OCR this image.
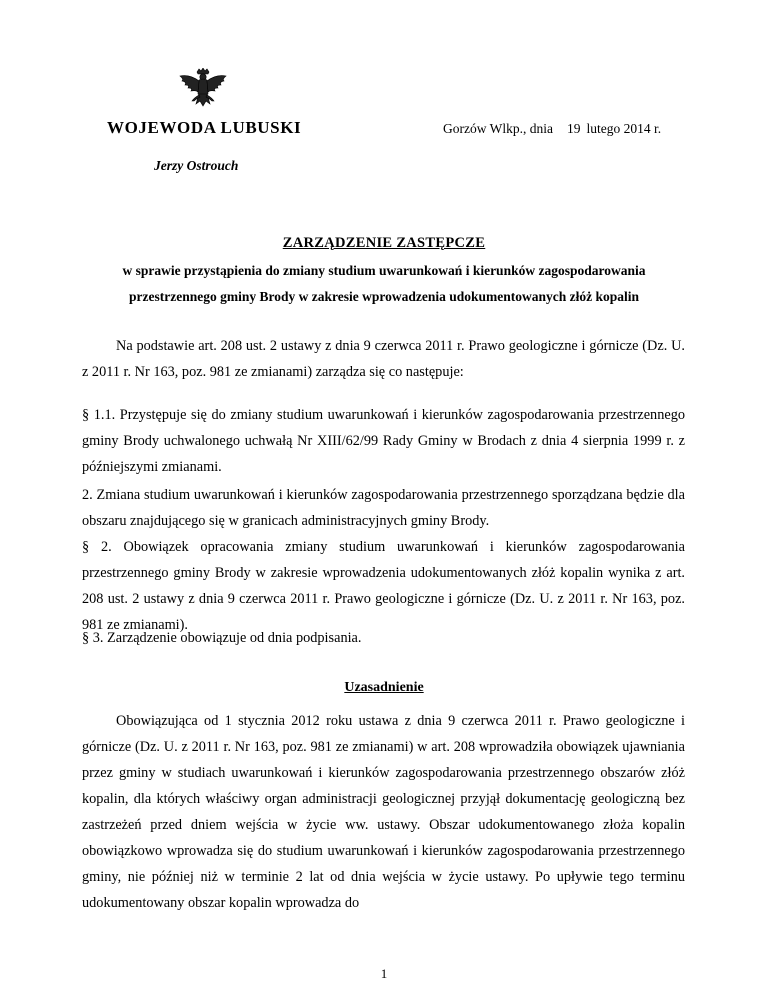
WOJEWODA LUBUSKI	Gorzów Wlkp., dnia 19 lutego 2014 r.
Jerzy Ostrouch
ZARZĄDZENIE ZASTĘPCZE
w sprawie przystąpienia do zmiany studium uwarunkowań i kierunków zagospodarowania
przestrzennego gminy Brody w zakresie wprowadzenia udokumentowanych złóż kopalin

Na podstawie art. 208 ust. 2 ustawy z dnia 9 czerwca 2011 r. Prawo geologiczne i górnicze (Dz. U. z 2011 r. Nr 163, poz. 981 ze zmianami) zarządza się co następuje:

§ 1.1. Przystępuje się do zmiany studium uwarunkowań i kierunków zagospodarowania przestrzennego gminy Brody uchwalonego uchwałą Nr XIII/62/99 Rady Gminy w Brodach z dnia 4 sierpnia 1999 r. z późniejszymi zmianami.

2. Zmiana studium uwarunkowań i kierunków zagospodarowania przestrzennego sporządzana będzie dla obszaru znajdującego się w granicach administracyjnych gminy Brody.

§ 2. Obowiązek opracowania zmiany studium uwarunkowań i kierunków zagospodarowania przestrzennego gminy Brody w zakresie wprowadzenia udokumentowanych złóż kopalin wynika z art. 208 ust. 2 ustawy z dnia 9 czerwca 2011 r. Prawo geologiczne i górnicze (Dz. U. z 2011 r. Nr 163, poz. 981 ze zmianami).

§ 3. Zarządzenie obowiązuje od dnia podpisania.

Uzasadnienie

Obowiązująca od 1 stycznia 2012 roku ustawa z dnia 9 czerwca 2011 r. Prawo geologiczne i górnicze (Dz. U. z 2011 r. Nr 163, poz. 981 ze zmianami) w art. 208 wprowadziła obowiązek ujawniania przez gminy w studiach uwarunkowań i kierunków zagospodarowania przestrzennego obszarów złóż kopalin, dla których właściwy organ administracji geologicznej przyjął dokumentację geologiczną bez zastrzeżeń przed dniem wejścia w życie ww. ustawy. Obszar udokumentowanego złoża kopalin obowiązkowo wprowadza się do studium uwarunkowań i kierunków zagospodarowania przestrzennego gminy, nie później niż w terminie 2 lat od dnia wejścia w życie ustawy. Po upływie tego terminu udokumentowany obszar kopalin wprowadza do

1
